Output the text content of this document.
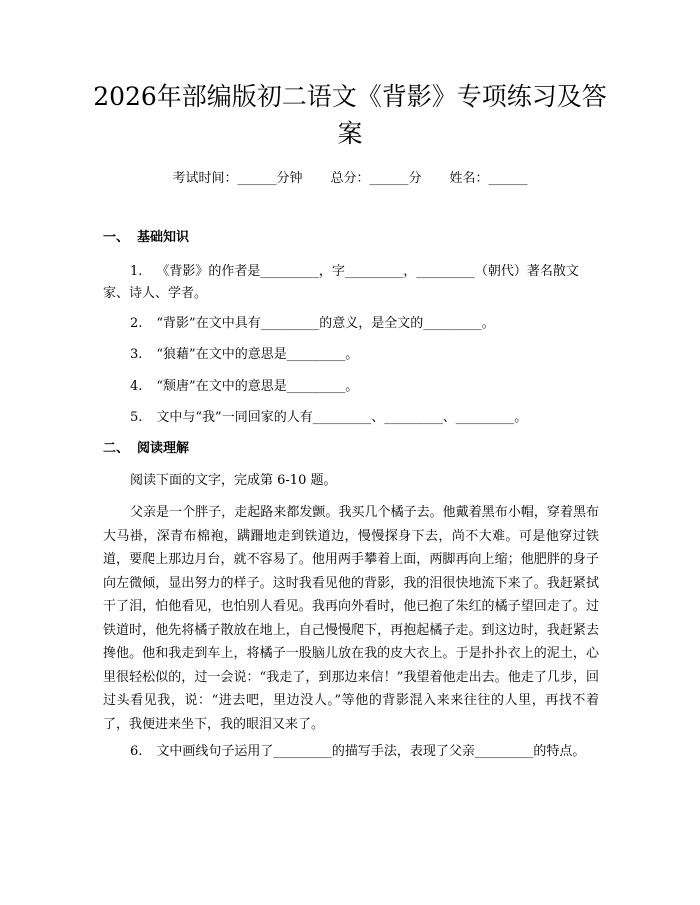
2026年部编版初二语文《背影》专项练习及答案
考试时间：______分钟 总分：______分 姓名：______
一、 基础知识
1. 《背影》的作者是_________，字_________，_________（朝代）著名散文家、诗人、学者。
2. “背影”在文中具有_________的意义，是全文的_________。
3. “狼藉”在文中的意思是_________。
4. “颓唐”在文中的意思是_________。
5. 文中与“我”一同回家的人有_________、_________、_________。
二、 阅读理解
阅读下面的文字，完成第 6-10 题。
父亲是一个胖子，走起路来都发颤。我买几个橘子去。他戴着黑布小帽，穿着黑布大马褂，深青布棉袍，蹒跚地走到铁道边，慢慢探身下去，尚不大难。可是他穿过铁道，要爬上那边月台，就不容易了。他用两手攀着上面，两脚再向上缩；他肥胖的身子向左微倾，显出努力的样子。这时我看见他的背影，我的泪很快地流下来了。我赶紧拭干了泪，怕他看见，也怕别人看见。我再向外看时，他已抱了朱红的橘子望回走了。过铁道时，他先将橘子散放在地上，自己慢慢爬下，再抱起橘子走。到这边时，我赶紧去搀他。他和我走到车上，将橘子一股脑儿放在我的皮大衣上。于是扑扑衣上的泥土，心里很轻松似的，过一会说：“我走了，到那边来信！”我望着他走出去。他走了几步，回过头看见我，说：“进去吧，里边没人。”等他的背影混入来来往往的人里，再找不着了，我便进来坐下，我的眼泪又来了。
6. 文中画线句子运用了_________的描写手法，表现了父亲_________的特点。
